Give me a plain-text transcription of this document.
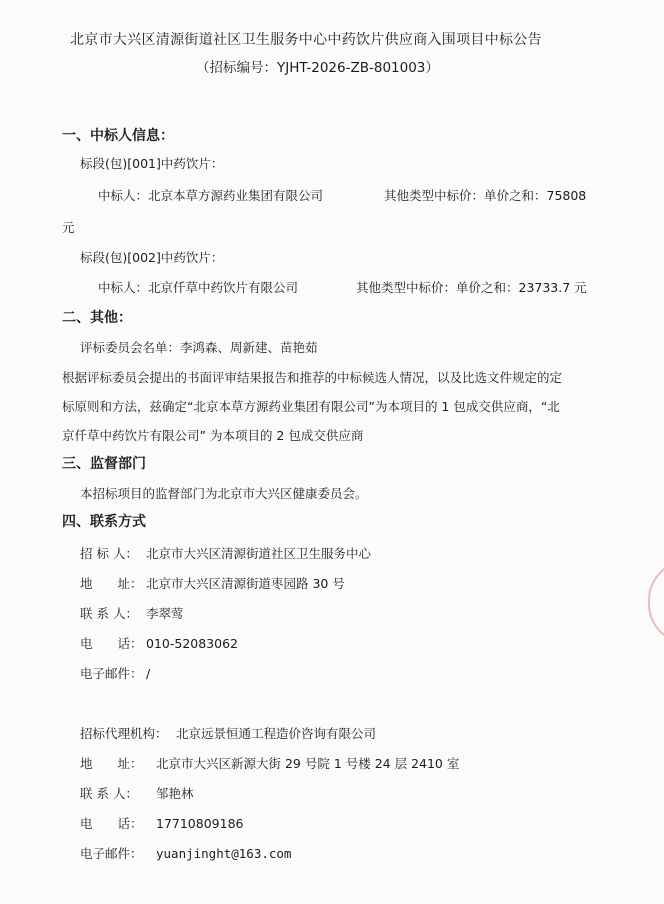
北京市大兴区清源街道社区卫生服务中心中药饮片供应商入围项目中标公告
（招标编号：YJHT-2026-ZB-801003）
一、中标人信息：
标段(包)[001]中药饮片：
中标人：北京本草方源药业集团有限公司	其他类型中标价：单价之和：75808
元
标段(包)[002]中药饮片：
中标人：北京仟草中药饮片有限公司	其他类型中标价：单价之和：23733.7 元
二、其他：
评标委员会名单：李鸿森、周新建、苗艳茹
根据评标委员会提出的书面评审结果报告和推荐的中标候选人情况，以及比选文件规定的定
标原则和方法，兹确定“北京本草方源药业集团有限公司”为本项目的 1 包成交供应商，“北
京仟草中药饮片有限公司” 为本项目的 2 包成交供应商
三、监督部门
本招标项目的监督部门为北京市大兴区健康委员会。
四、联系方式
招 标 人： 北京市大兴区清源街道社区卫生服务中心
地　　址： 北京市大兴区清源街道枣园路 30 号
联 系 人： 李翠莺
电　　话： 010-52083062
电子邮件： /
招标代理机构： 北京远景恒通工程造价咨询有限公司
地　　址： 北京市大兴区新源大街 29 号院 1 号楼 24 层 2410 室
联 系 人： 邹艳林
电　　话： 17710809186
电子邮件： yuanjinght@163.com
